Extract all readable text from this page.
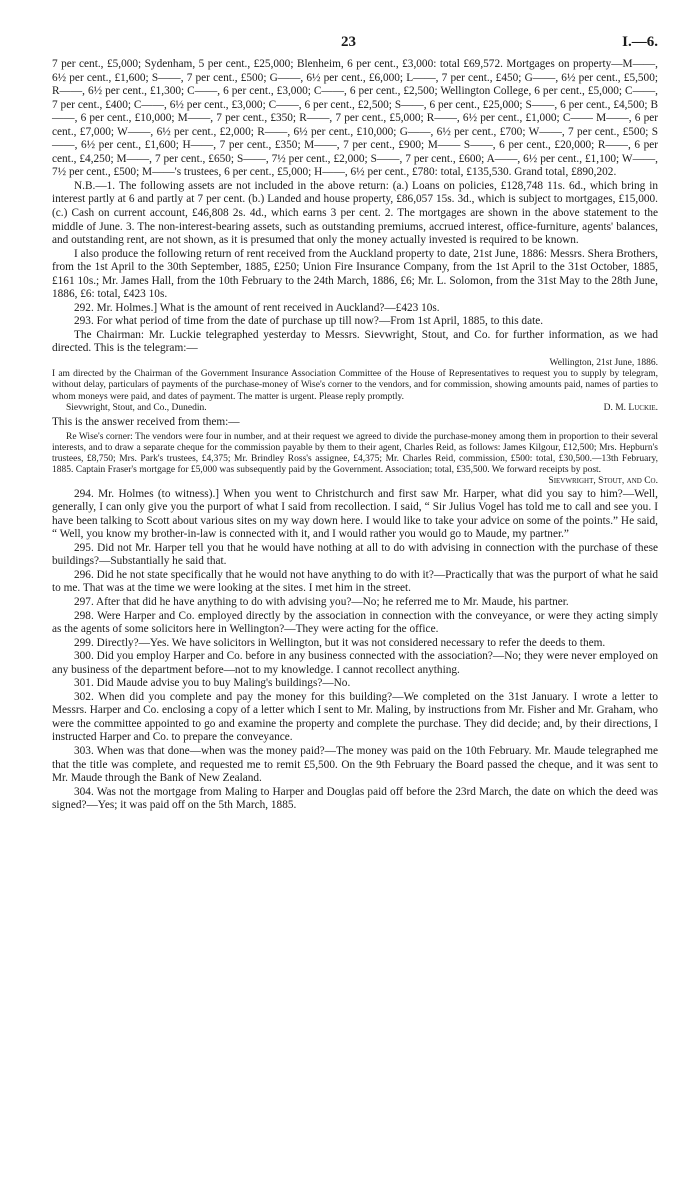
23	I.—6.

7 per cent., £5,000; Sydenham, 5 per cent., £25,000; Blenheim, 6 per cent., £3,000: total £69,572. Mortgages on property—M——, 6½ per cent., £1,600; S——, 7 per cent., £500; G——, 6½ per cent., £6,000; L——, 7 per cent., £450; G——, 6½ per cent., £5,500; R——, 6½ per cent., £1,300; C——, 6 per cent., £3,000; C——, 6 per cent., £2,500; Wellington College, 6 per cent., £5,000; C——, 7 per cent., £400; C——, 6½ per cent., £3,000; C——, 6 per cent., £2,500; S——, 6 per cent., £25,000; S——, 6 per cent., £4,500; B——, 6 per cent., £10,000; M——, 7 per cent., £350; R——, 7 per cent., £5,000; R——, 6½ per cent., £1,000; C—— M——, 6 per cent., £7,000; W——, 6½ per cent., £2,000; R——, 6½ per cent., £10,000; G——, 6½ per cent., £700; W——, 7 per cent., £500; S——, 6½ per cent., £1,600; H——, 7 per cent., £350; M——, 7 per cent., £900; M—— S——, 6 per cent., £20,000; R——, 6 per cent., £4,250; M——, 7 per cent., £650; S——, 7½ per cent., £2,000; S——, 7 per cent., £600; A——, 6½ per cent., £1,100; W——, 7½ per cent., £500; M——'s trustees, 6 per cent., £5,000; H——, 6½ per cent., £780: total, £135,530. Grand total, £890,202.

N.B.—1. The following assets are not included in the above return: (a.) Loans on policies, £128,748 11s. 6d., which bring in interest partly at 6 and partly at 7 per cent. (b.) Landed and house property, £86,057 15s. 3d., which is subject to mortgages, £15,000. (c.) Cash on current account, £46,808 2s. 4d., which earns 3 per cent. 2. The mortgages are shown in the above statement to the middle of June. 3. The non-interest-bearing assets, such as outstanding premiums, accrued interest, office-furniture, agents' balances, and outstanding rent, are not shown, as it is presumed that only the money actually invested is required to be known.

I also produce the following return of rent received from the Auckland property to date, 21st June, 1886: Messrs. Shera Brothers, from the 1st April to the 30th September, 1885, £250; Union Fire Insurance Company, from the 1st April to the 31st October, 1885, £161 10s.; Mr. James Hall, from the 10th February to the 24th March, 1886, £6; Mr. L. Solomon, from the 31st May to the 28th June, 1886, £6: total, £423 10s.

292. Mr. Holmes.] What is the amount of rent received in Auckland?—£423 10s.

293. For what period of time from the date of purchase up till now?—From 1st April, 1885, to this date.

The Chairman: Mr. Luckie telegraphed yesterday to Messrs. Sievwright, Stout, and Co. for further information, as we had directed. This is the telegram:—

Wellington, 21st June, 1886.

I am directed by the Chairman of the Government Insurance Association Committee of the House of Representatives to request you to supply by telegram, without delay, particulars of payments of the purchase-money of Wise's corner to the vendors, and for commission, showing amounts paid, names of parties to whom moneys were paid, and dates of payment. The matter is urgent. Please reply promptly.

Sievwright, Stout, and Co., Dunedin.	D. M. Luckie.

This is the answer received from them:—

Re Wise's corner: The vendors were four in number, and at their request we agreed to divide the purchase-money among them in proportion to their several interests, and to draw a separate cheque for the commission payable by them to their agent, Charles Reid, as follows: James Kilgour, £12,500; Mrs. Hepburn's trustees, £8,750; Mrs. Park's trustees, £4,375; Mr. Brindley Ross's assignee, £4,375; Mr. Charles Reid, commission, £500: total, £30,500.—13th February, 1885. Captain Fraser's mortgage for £5,000 was subsequently paid by the Government. Association; total, £35,500. We forward receipts by post.

Sievwright, Stout, and Co.

294. Mr. Holmes (to witness).] When you went to Christchurch and first saw Mr. Harper, what did you say to him?—Well, generally, I can only give you the purport of what I said from recollection. I said, “ Sir Julius Vogel has told me to call and see you. I have been talking to Scott about various sites on my way down here. I would like to take your advice on some of the points.” He said, “ Well, you know my brother-in-law is connected with it, and I would rather you would go to Maude, my partner.”

295. Did not Mr. Harper tell you that he would have nothing at all to do with advising in connection with the purchase of these buildings?—Substantially he said that.

296. Did he not state specifically that he would not have anything to do with it?—Practically that was the purport of what he said to me. That was at the time we were looking at the sites. I met him in the street.

297. After that did he have anything to do with advising you?—No; he referred me to Mr. Maude, his partner.

298. Were Harper and Co. employed directly by the association in connection with the conveyance, or were they acting simply as the agents of some solicitors here in Wellington?—They were acting for the office.

299. Directly?—Yes. We have solicitors in Wellington, but it was not considered necessary to refer the deeds to them.

300. Did you employ Harper and Co. before in any business connected with the association?—No; they were never employed on any business of the department before—not to my knowledge. I cannot recollect anything.

301. Did Maude advise you to buy Maling's buildings?—No.

302. When did you complete and pay the money for this building?—We completed on the 31st January. I wrote a letter to Messrs. Harper and Co. enclosing a copy of a letter which I sent to Mr. Maling, by instructions from Mr. Fisher and Mr. Graham, who were the committee appointed to go and examine the property and complete the purchase. They did decide; and, by their directions, I instructed Harper and Co. to prepare the conveyance.

303. When was that done—when was the money paid?—The money was paid on the 10th February. Mr. Maude telegraphed me that the title was complete, and requested me to remit £5,500. On the 9th February the Board passed the cheque, and it was sent to Mr. Maude through the Bank of New Zealand.

304. Was not the mortgage from Maling to Harper and Douglas paid off before the 23rd March, the date on which the deed was signed?—Yes; it was paid off on the 5th March, 1885.
